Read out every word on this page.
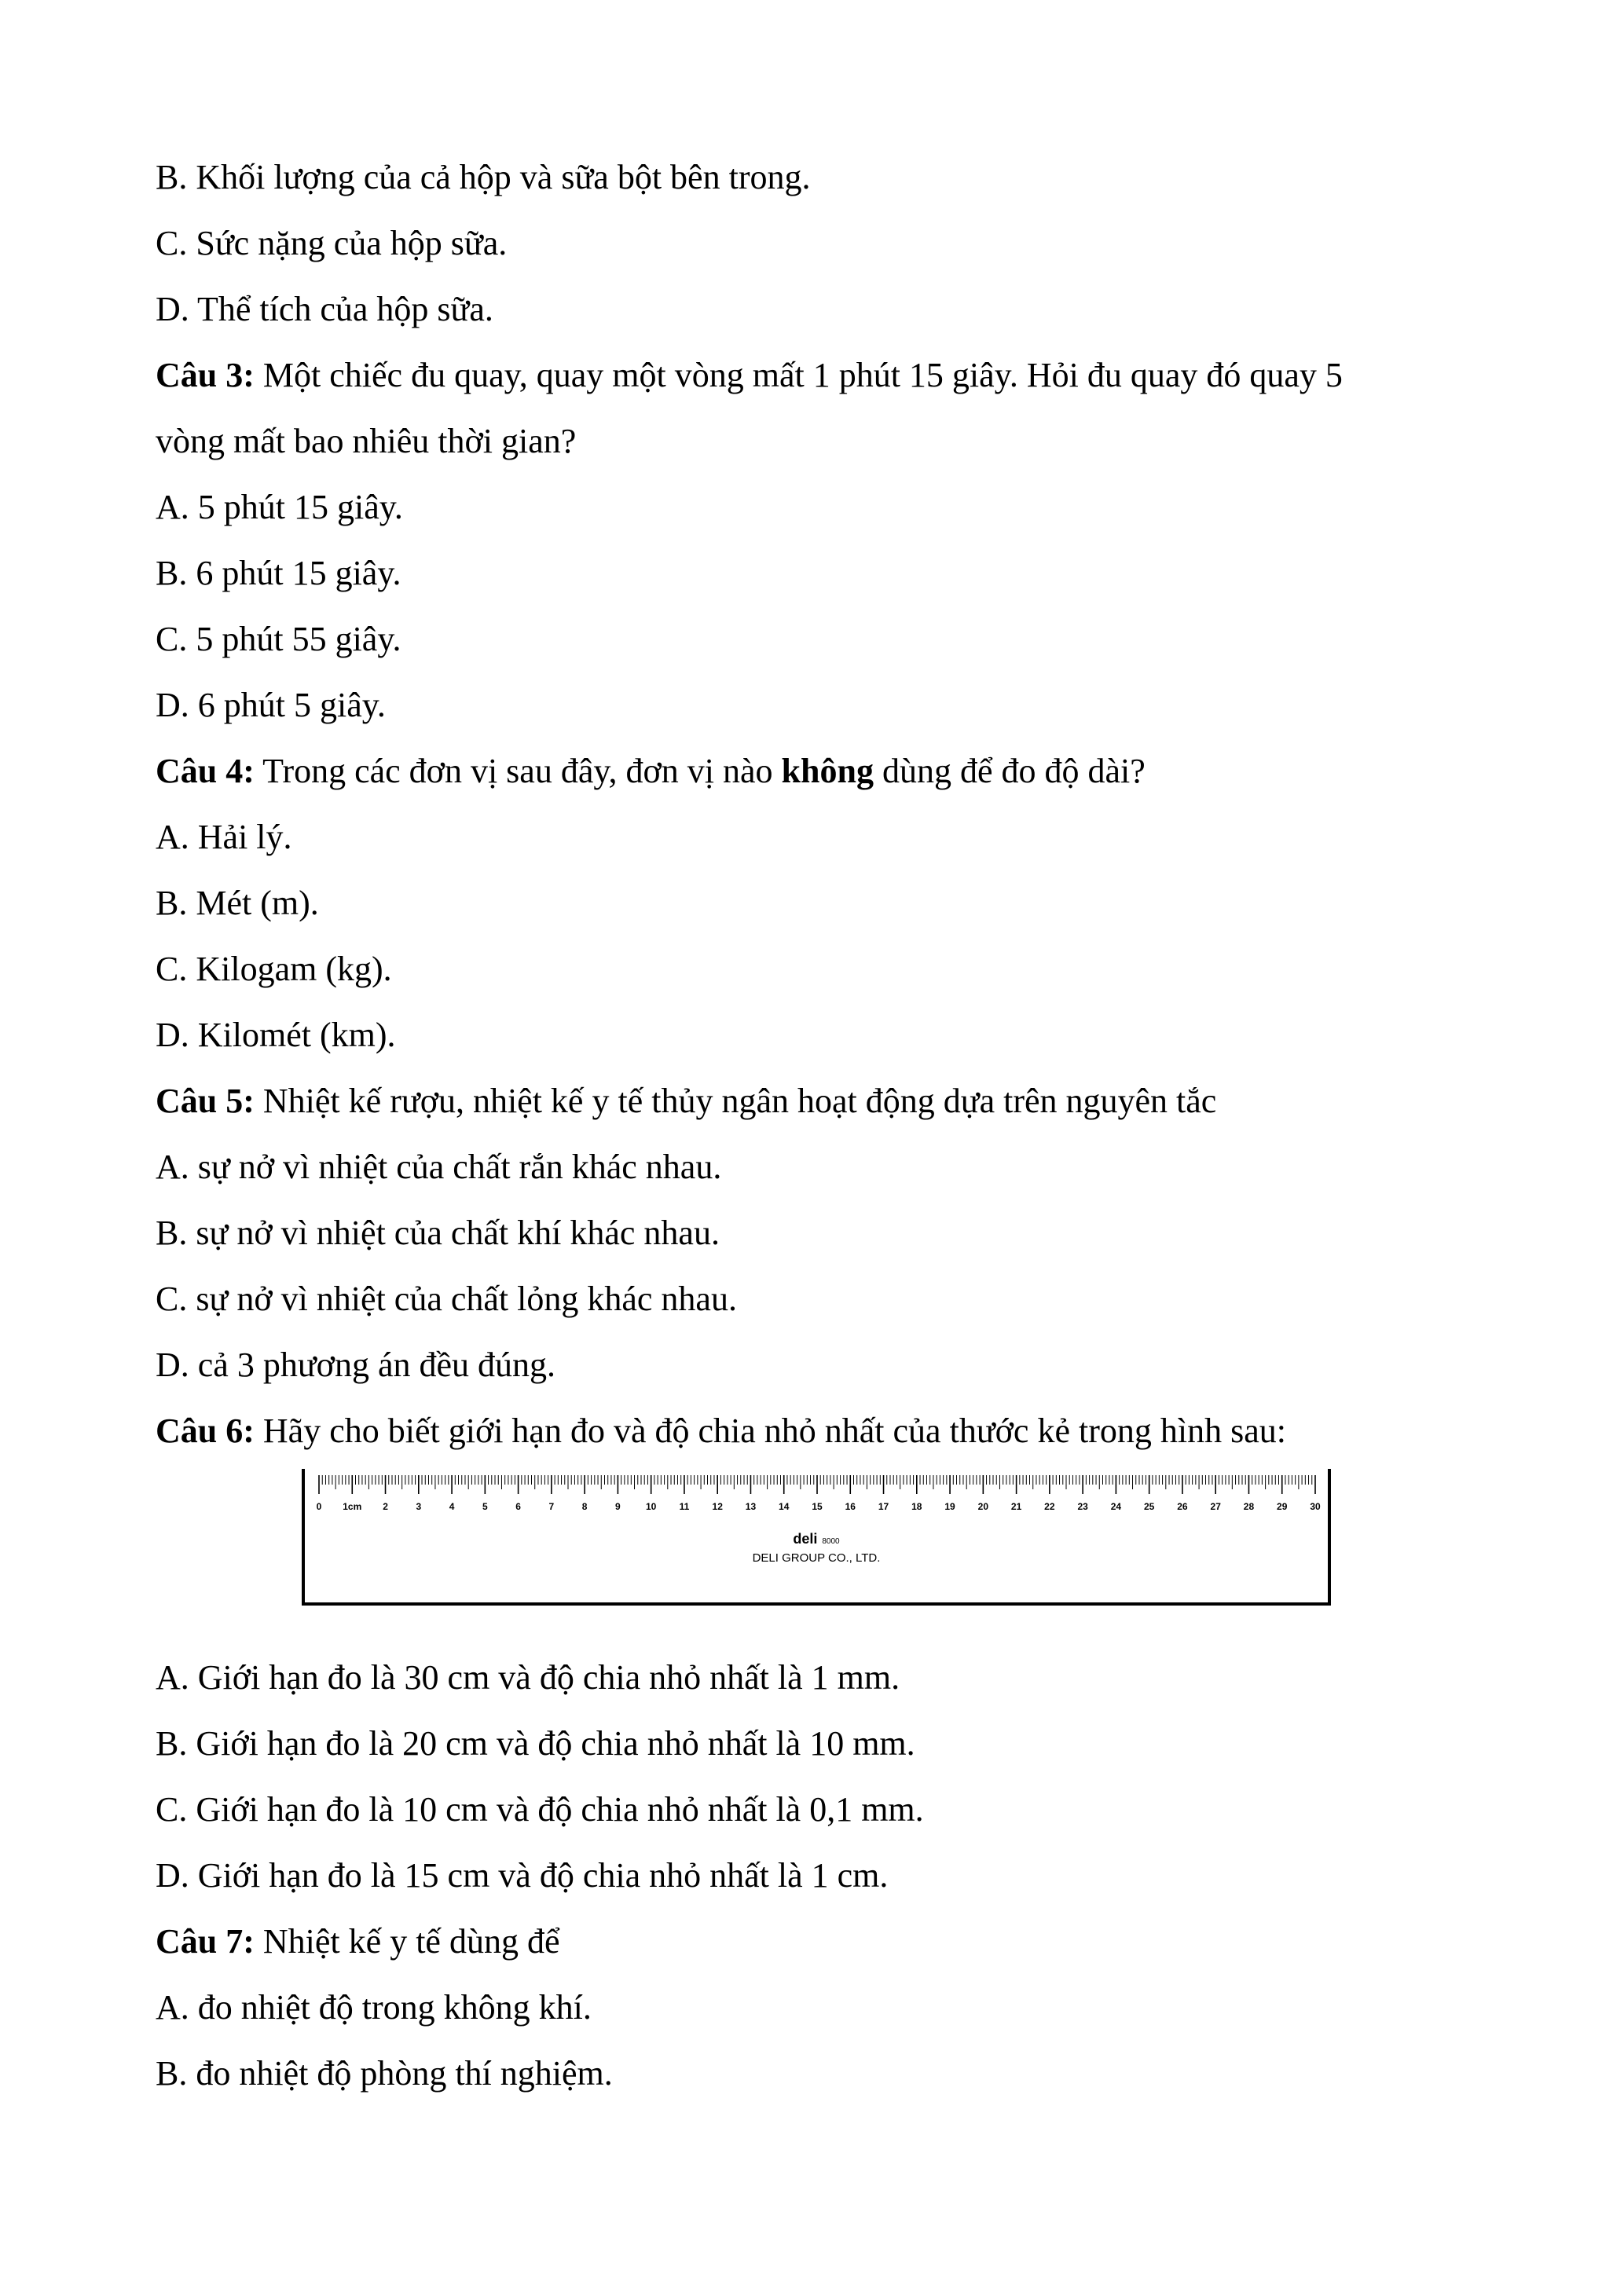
B. Khối lượng của cả hộp và sữa bột bên trong.
C. Sức nặng của hộp sữa.
D. Thể tích của hộp sữa.
Câu 3: Một chiếc đu quay, quay một vòng mất 1 phút 15 giây. Hỏi đu quay đó quay 5
vòng mất bao nhiêu thời gian?
A. 5 phút 15 giây.
B. 6 phút 15 giây.
C. 5 phút 55 giây.
D. 6 phút 5 giây.
Câu 4: Trong các đơn vị sau đây, đơn vị nào không dùng để đo độ dài?
A. Hải lý.
B. Mét (m).
C. Kilogam (kg).
D. Kilomét (km).
Câu 5: Nhiệt kế rượu, nhiệt kế y tế thủy ngân hoạt động dựa trên nguyên tắc
A. sự nở vì nhiệt của chất rắn khác nhau.
B. sự nở vì nhiệt của chất khí khác nhau.
C. sự nở vì nhiệt của chất lỏng khác nhau.
D. cả 3 phương án đều đúng.
Câu 6: Hãy cho biết giới hạn đo và độ chia nhỏ nhất của thước kẻ trong hình sau:
0 1cm 2	3	4	5	6	7	8	9	10 11 12 13 14 15 16 17 18 19 20 21 22 23 24 25 26 27 28 29 30
deli 8000
DELI GROUP CO., LTD.
A. Giới hạn đo là 30 cm và độ chia nhỏ nhất là 1 mm.
B. Giới hạn đo là 20 cm và độ chia nhỏ nhất là 10 mm.
C. Giới hạn đo là 10 cm và độ chia nhỏ nhất là 0,1 mm.
D. Giới hạn đo là 15 cm và độ chia nhỏ nhất là 1 cm.
Câu 7: Nhiệt kế y tế dùng để
A. đo nhiệt độ trong không khí.
B. đo nhiệt độ phòng thí nghiệm.
